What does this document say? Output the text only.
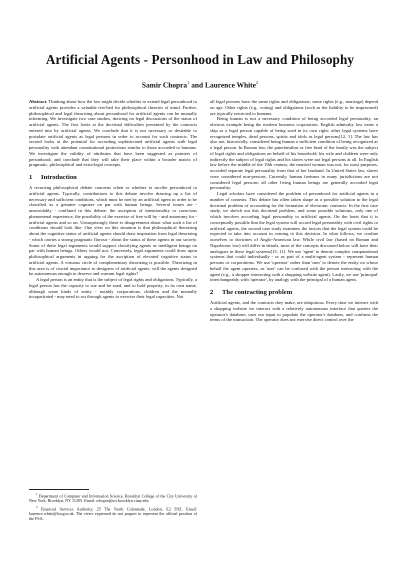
Artificial Agents - Personhood in Law and Philosophy
Samir Chopra$^1$ and Laurence White$^2$

Abstract. Thinking about how the law might decide whether to extend legal personhood to artificial agents provides a valuable test-bed for philosophical theories of mind. Further, philosophical and legal theorising about personhood for artificial agents can be mutually informing. We investigate two case studies, drawing on legal discussions of the status of artificial agents. The first looks at the doctrinal difficulties presented by the contracts entered into by artificial agents. We conclude that it is not necessary or desirable to postulate artificial agents as legal persons in order to account for such contracts. The second looks at the potential for according sophisticated artificial agents with legal personality with attendant constitutional protections similar to those accorded to humans. We investigate the validity of attributes that have been suggested as pointers of personhood, and conclude that they will take their place within a broader matrix of pragmatic, philosophical and extra-legal concepts.

1 Introduction

A recurring philosophical debate concerns when or whether to ascribe personhood to artificial agents. Typically, contributions to this debate involve drawing up a list of necessary and sufficient conditions, which must be met by an artificial agent in order to be classified as a genuine cognizer on par with human beings. Several issues are - unavoidably - conflated in this debate: the ascription of intentionality or conscious phenomenal experience, the possibility of the exercise of free will by - and autonomy for - artificial agents and so on. Unsurprisingly there is disagreement about what such a list of conditions should look like. One view on this situation is that philosophical theorising about the cognitive status of artificial agents should draw inspiration from legal theorizing - which carries a strong pragmatic flavour - about the status of these agents in our society. Some of these legal arguments would support classifying agents as intelligent beings on par with human beings. Others would not. Conversely, legal arguments could draw upon philosophical arguments in arguing for the ascription of elevated cognitive status to artificial agents. A virtuous circle of complementary theorizing is possible. Theorizing in this area is of crucial importance to designers of artificial agents: will the agents designed be autonomous enough to deserve and warrant legal rights?

A legal person is an entity that is the subject of legal rights and obligations. Typically, a legal person has the capacity to sue and be sued, and to hold property, in its own name, although some kinds of entity - notably corporations, children and the mentally incapacitated - may need to act through agents to exercise their legal capacities. Not

all legal persons have the same rights and obligations; some rights (e.g., marriage) depend on age. Other rights (e.g., voting) and obligations (such as the liability to be imprisoned) are typically restricted to humans.

Being human is not a necessary condition of being accorded legal personality, an obvious example being the modern business corporation. English admiralty law treats a ship as a legal person capable of being sued in its own right; other legal systems have recognized temples, dead persons, spirits and idols as legal persons[12, 1]. The law has also not, historically, considered being human a sufficient condition of being recognized as a legal person. In Roman law, the paterfamilias or free head of the family was the subject of legal rights and obligations on behalf of his household; his wife and children were only indirectly the subject of legal rights and his slaves were not legal persons at all. In English law before the middle of the 19th century, the married woman was not, for most purposes, accorded separate legal personality from that of her husband. In United States law, slaves were considered non-persons. Currently, human foetuses in many jurisdictions are not considered legal persons; all other living human beings are generally accorded legal personality.

Legal scholars have considered the problem of personhood for artificial agents in a number of contexts. This debate has often taken shape as a possible solution to the legal doctrinal problem of accounting for the formation of electronic contracts. In the first case study, we sketch out this doctrinal problem, and some possible solutions, only one of which involves according legal personality to artificial agents. On the basis that it is conceptually possible that the legal system will accord legal personality with civil rights to artificial agents, the second case study examines the factors that the legal system could be expected to take into account in coming to this decision. In what follows, we confine ourselves to doctrines of Anglo-American law. While civil law (based on Roman and Napoleonic law) will differ in details, most of the concepts discussed below will have their analogues in these legal systems[15, 11]. We use 'agent' to denote complex computational systems that could individually - or as part of a multi-agent system - represent human persons or corporations. We use 'operator' rather than 'user' to denote the entity on whose behalf the agent operates, as 'user' can be confused with the person interacting with the agent (e.g., a shopper interacting with a shopping website agent). Lastly, we use 'principal' interchangeably with 'operator', by analogy with the principal of a human agent.

2 The contracting problem

Artificial agents, and the contracts they make, are ubiquitous. Every time we interact with a shopping website we interact with a relatively autonomous interface that queries the operator's database, uses our input to populate the operator's database, and confirms the terms of the transaction. The operator does not exercise direct control over the

$^1$ Department of Computer and Information Science, Brooklyn College of the City University of New York, Brooklyn, NY 11205. Email: schopra@sci.brooklyn.cuny.edu

$^2$ Financial Services Authority, 25 The North Colonnade, London, E2 5NZ. Email: laurence.white@fsa.gov.uk. The views expressed do not purport to represent the official position of the FSA.
